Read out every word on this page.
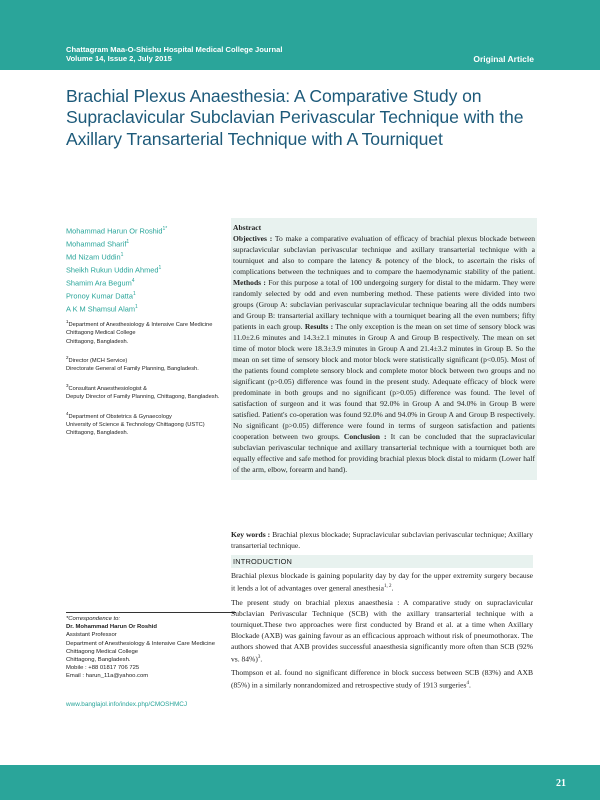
Chattagram Maa-O-Shishu Hospital Medical College Journal
Volume 14, Issue 2, July 2015	Original Article
Brachial Plexus Anaesthesia: A Comparative Study on Supraclavicular Subclavian Perivascular Technique with the Axillary Transarterial Technique with A Tourniquet
Mohammad Harun Or Roshid$^{1*}$
Mohammad Sharif$^1$
Md Nizam Uddin$^1$
Sheikh Rukun Uddin Ahmed$^1$
Shamim Ara Begum$^4$
Pronoy Kumar Datta$^1$
A K M Shamsul Alam$^1$
$^1$Department of Anesthesiology & Intensive Care Medicine
Chittagong Medical College
Chittagong, Bangladesh.
$^2$Director (MCH Service)
Directorate General of Family Planning, Bangladesh.
$^3$Consultant Anaesthesiologist &
Deputy Director of Family Planning, Chittagong, Bangladesh.
$^4$Department of Obstetrics & Gynaecology
University of Science & Technology Chittagong (USTC)
Chittagong, Bangladesh.
*Correspondence to:
Dr. Mohammad Harun Or Roshid
Assistant Professor
Department of Anesthesiology & Intensive Care Medicine
Chittagong Medical College
Chittagong, Bangladesh.
Mobile : +88 01817 706 725
Email : harun_11a@yahoo.com
www.banglajol.info/index.php/CMOSHMCJ

Abstract

Objectives : To make a comparative evaluation of efficacy of brachial plexus blockade between supraclavicular subclavian perivascular technique and axillary transarterial technique with a tourniquet and also to compare the latency & potency of the block, to ascertain the risks of complications between the techniques and to compare the haemodynamic stability of the patient. Methods : For this purpose a total of 100 undergoing surgery for distal to the midarm. They were randomly selected by odd and even numbering method. These patients were divided into two groups (Group A: subclavian perivascular supraclavicular technique bearing all the odds numbers and Group B: transarterial axillary technique with a tourniquet bearing all the even numbers; fifty patients in each group. Results : The only exception is the mean on set time of sensory block was 11.0±2.6 minutes and 14.3±2.1 minutes in Group A and Group B respectively. The mean on set time of motor block were 18.3±3.9 minutes in Group A and 21.4±3.2 minutes in Group B. So the mean on set time of sensory block and motor block were statistically significant (p<0.05). Most of the patients found complete sensory block and complete motor block between two groups and no significant (p>0.05) difference was found in the present study. Adequate efficacy of block were predominate in both groups and no significant (p>0.05) difference was found. The level of satisfaction of surgeon and it was found that 92.0% in Group A and 94.0% in Group B were satisfied. Patient's co-operation was found 92.0% and 94.0% in Group A and Group B respectively. No significant (p>0.05) difference were found in terms of surgeon satisfaction and patients cooperation between two groups. Conclusion : It can be concluded that the supraclavicular subclavian perivascular technique and axillary transarterial technique with a tourniquet both are equally effective and safe method for providing brachial plexus block distal to midarm (Lower half of the arm, elbow, forearm and hand).

Key words : Brachial plexus blockade; Supraclavicular subclavian perivascular technique; Axillary transarterial technique.
INTRODUCTION

Brachial plexus blockade is gaining popularity day by day for the upper extremity surgery because it lends a lot of advantages over general anesthesia$^{1, 2}$.

The present study on brachial plexus anaesthesia : A comparative study on supraclavicular Subclavian Perivascular Technique (SCB) with the axillary transarterial technique with a tourniquet.These two approaches were first conducted by Brand et al. at a time when Axillary Blockade (AXB) was gaining favour as an efficacious approach without risk of pneumothorax. The authors showed that AXB provides successful anaesthesia significantly more often than SCB (92% vs. 84%)$^3$.

Thompson et al. found no significant difference in block success between SCB (83%) and AXB (85%) in a similarly nonrandomized and retrospective study of 1913 surgeries$^4$.

21
